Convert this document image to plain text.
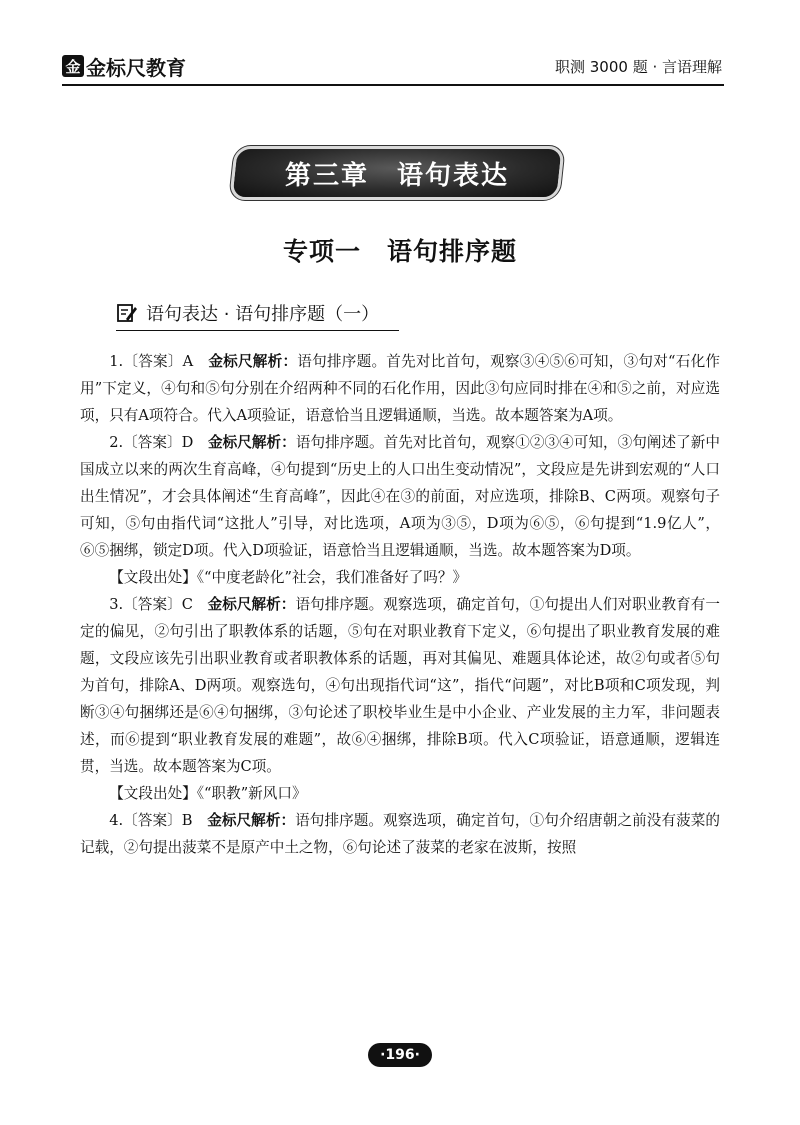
金 金标尺教育	职测 3000 题 · 言语理解
第三章　语句表达
专项一　语句排序题
语句表达 · 语句排序题（一）

1.〔答案〕A　 金标尺解析：语句排序题。首先对比首句，观察③④⑤⑥可知，③句对“石化作用”下定义，④句和⑤句分别在介绍两种不同的石化作用，因此③句应同时排在④和⑤之前，对应选项，只有A项符合。代入A项验证，语意恰当且逻辑通顺，当选。故本题答案为A项。

2.〔答案〕D　 金标尺解析：语句排序题。首先对比首句，观察①②③④可知，③句阐述了新中国成立以来的两次生育高峰，④句提到“历史上的人口出生变动情况”，文段应是先讲到宏观的“人口出生情况”，才会具体阐述“生育高峰”，因此④在③的前面，对应选项，排除B、C两项。观察句子可知，⑤句由指代词“这批人”引导，对比选项，A项为③⑤，D项为⑥⑤，⑥句提到“1.9亿人”，⑥⑤捆绑，锁定D项。代入D项验证，语意恰当且逻辑通顺，当选。故本题答案为D项。

【文段出处】《“中度老龄化”社会，我们准备好了吗？》

3.〔答案〕C　 金标尺解析：语句排序题。观察选项，确定首句，①句提出人们对职业教育有一定的偏见，②句引出了职教体系的话题，⑤句在对职业教育下定义，⑥句提出了职业教育发展的难题，文段应该先引出职业教育或者职教体系的话题，再对其偏见、难题具体论述，故②句或者⑤句为首句，排除A、D两项。观察选句，④句出现指代词“这”，指代“问题”，对比B项和C项发现，判断③④句捆绑还是⑥④句捆绑，③句论述了职校毕业生是中小企业、产业发展的主力军，非问题表述，而⑥提到“职业教育发展的难题”，故⑥④捆绑，排除B项。代入C项验证，语意通顺，逻辑连贯，当选。故本题答案为C项。

【文段出处】《“职教”新风口》

4.〔答案〕B　 金标尺解析：语句排序题。观察选项，确定首句，①句介绍唐朝之前没有菠菜的记载，②句提出菠菜不是原产中土之物，⑥句论述了菠菜的老家在波斯，按照

·196·
